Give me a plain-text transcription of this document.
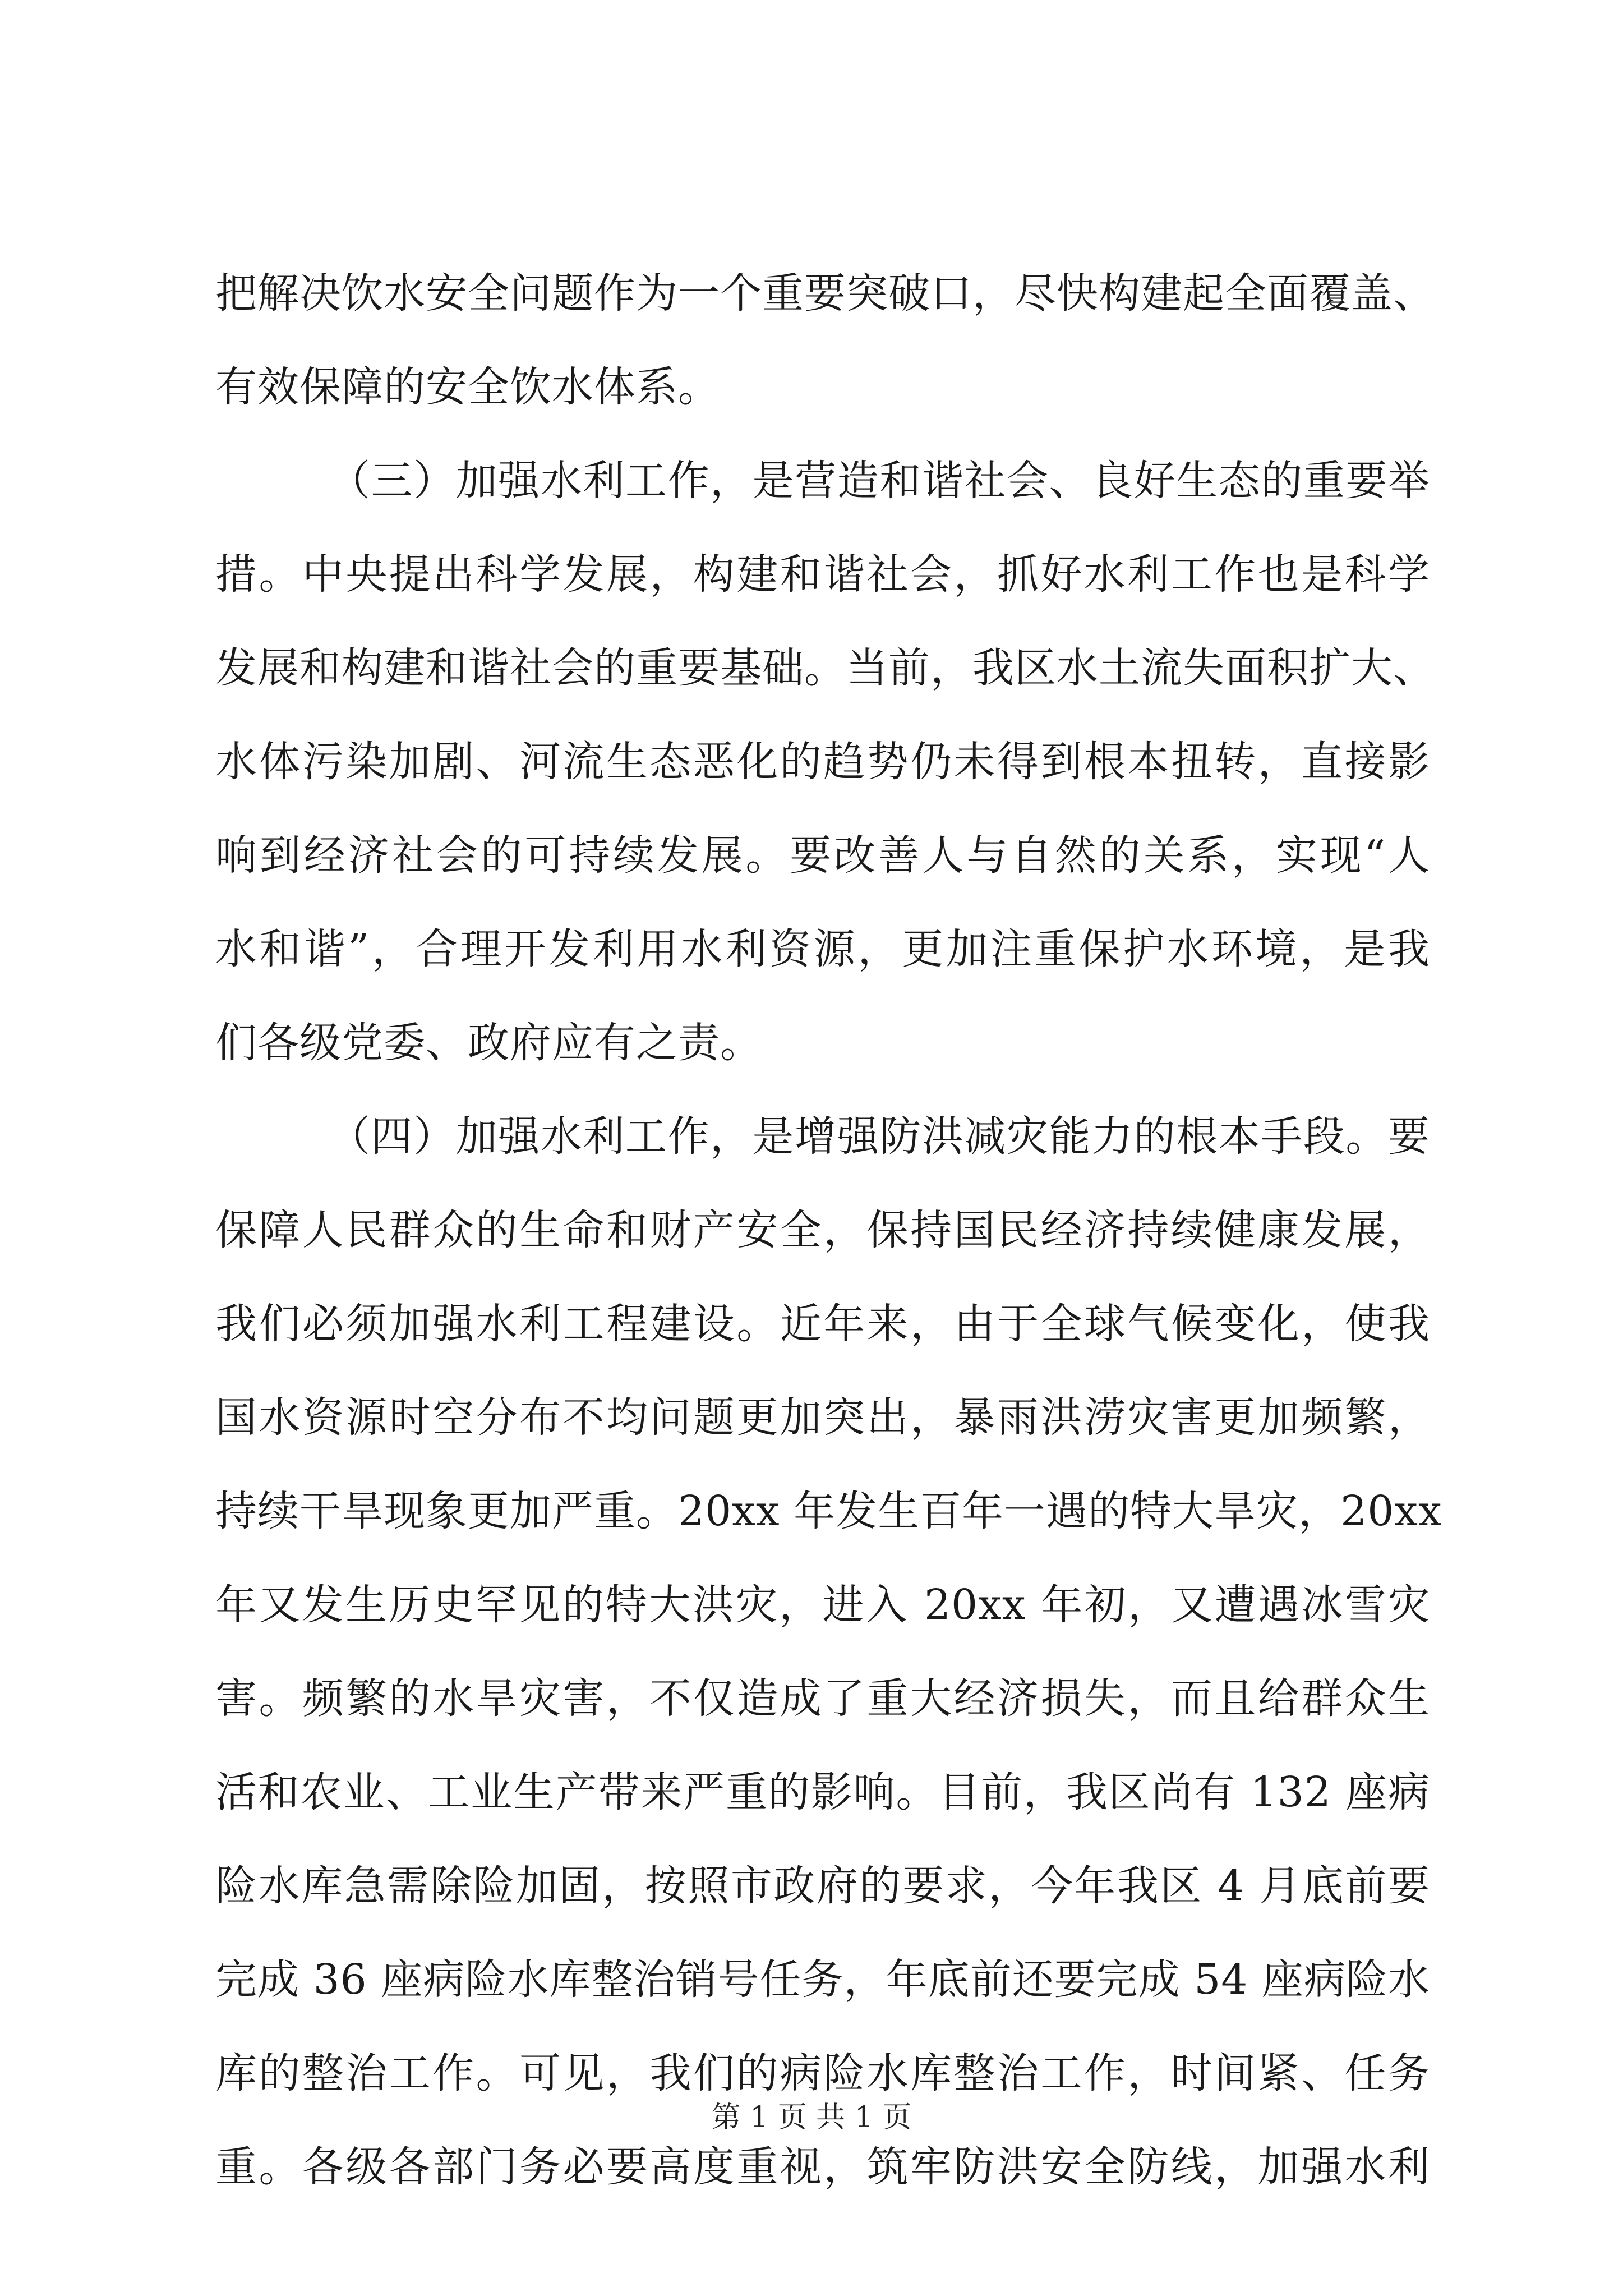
把解决饮水安全问题作为一个重要突破口，尽快构建起全面覆盖、
有效保障的安全饮水体系。
（三）加强水利工作，是营造和谐社会、良好生态的重要举
措。中央提出科学发展，构建和谐社会，抓好水利工作也是科学
发展和构建和谐社会的重要基础。当前，我区水土流失面积扩大、
水体污染加剧、河流生态恶化的趋势仍未得到根本扭转，直接影
响到经济社会的可持续发展。要改善人与自然的关系，实现“人
水和谐”，合理开发利用水利资源，更加注重保护水环境，是我
们各级党委、政府应有之责。
（四）加强水利工作，是增强防洪减灾能力的根本手段。要
保障人民群众的生命和财产安全，保持国民经济持续健康发展，
我们必须加强水利工程建设。近年来，由于全球气候变化，使我
国水资源时空分布不均问题更加突出，暴雨洪涝灾害更加频繁，
持续干旱现象更加严重。20xx 年发生百年一遇的特大旱灾，20xx
年又发生历史罕见的特大洪灾，进入 20xx 年初，又遭遇冰雪灾
害。频繁的水旱灾害，不仅造成了重大经济损失，而且给群众生
活和农业、工业生产带来严重的影响。目前，我区尚有 132 座病
险水库急需除险加固，按照市政府的要求，今年我区 4 月底前要
完成 36 座病险水库整治销号任务，年底前还要完成 54 座病险水
库的整治工作。可见，我们的病险水库整治工作，时间紧、任务
重。各级各部门务必要高度重视，筑牢防洪安全防线，加强水利
第 1 页 共 1 页
